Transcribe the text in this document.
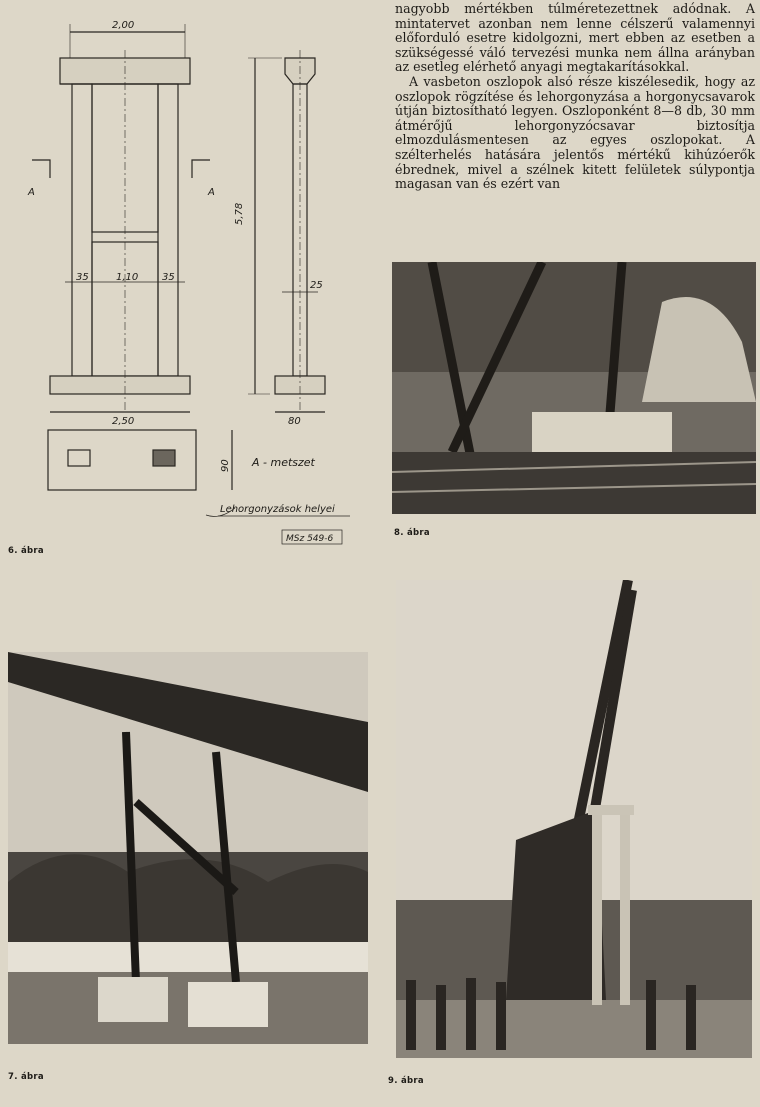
nagyobb mértékben túlméretezettnek adódnak. A mintatervet azonban nem lenne célszerű valamennyi előforduló esetre kidolgozni, mert ebben az esetben a szükségessé váló tervezési munka nem állna arányban az esetleg elérhető anyagi megtakarításokkal.

A vasbeton oszlopok alsó része kiszélesedik, hogy az oszlopok rögzítése és lehorgonyzása a horgonycsavarok útján biztosítható legyen. Oszloponként 8—8 db, 30 mm átmérőjű lehorgonyzócsavar biztosítja elmozdulásmentesen az egyes oszlopokat. A szélterhelés hatására jelentős mértékű kihúzóerők ébrednek, mivel a szélnek kitett felületek súlypontja magasan van és ezért van

2,00
5,78
35	1,10 35
25
2,50	80
90
A	A
A - metszet
Lehorgonyzások helyei
MSz 549-6
6. ábra
8. ábra
7. ábra	9. ábra
